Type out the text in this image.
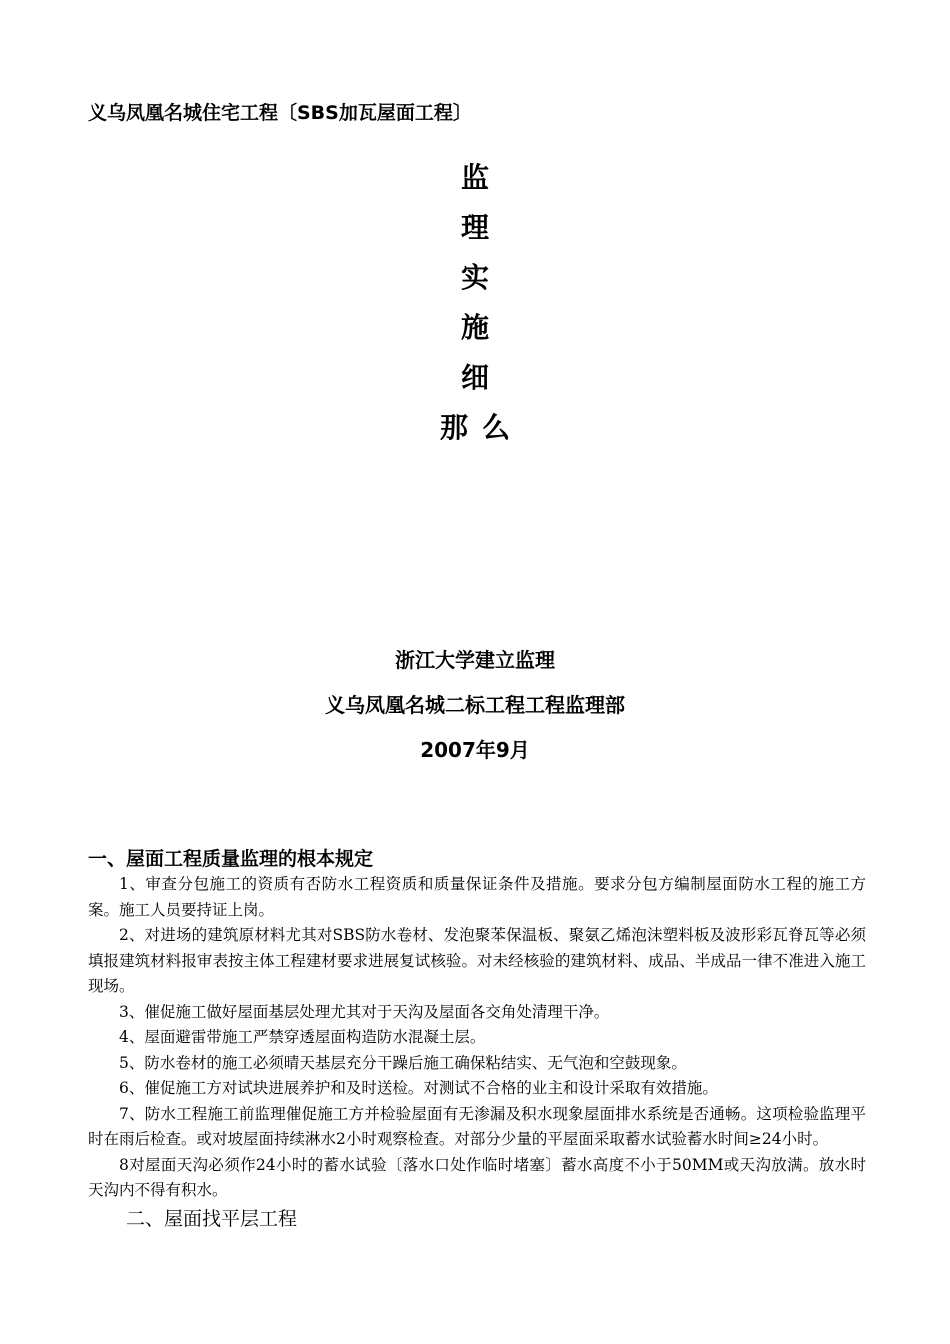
义乌凤凰名城住宅工程〔SBS加瓦屋面工程〕
监
理
实
施
细
那么
浙江大学建立监理
义乌凤凰名城二标工程工程监理部
2007年9月

一、屋面工程质量监理的根本规定

1、审查分包施工的资质有否防水工程资质和质量保证条件及措施。要求分包方编制屋面防水工程的施工方案。施工人员要持证上岗。

2、对进场的建筑原材料尤其对SBS防水卷材、发泡聚苯保温板、聚氨乙烯泡沫塑料板及波形彩瓦脊瓦等必须填报建筑材料报审表按主体工程建材要求进展复试核验。对未经核验的建筑材料、成品、半成品一律不准进入施工现场。

3、催促施工做好屋面基层处理尤其对于天沟及屋面各交角处清理干净。

4、屋面避雷带施工严禁穿透屋面构造防水混凝土层。

5、防水卷材的施工必须晴天基层充分干躁后施工确保粘结实、无气泡和空鼓现象。

6、催促施工方对试块进展养护和及时送检。对测试不合格的业主和设计采取有效措施。

7、防水工程施工前监理催促施工方并检验屋面有无渗漏及积水现象屋面排水系统是否通畅。这项检验监理平时在雨后检查。或对坡屋面持续淋水2小时观察检查。对部分少量的平屋面采取蓄水试验蓄水时间≥24小时。

8对屋面天沟必须作24小时的蓄水试验〔落水口处作临时堵塞〕蓄水高度不小于50MM或天沟放满。放水时天沟内不得有积水。

二、屋面找平层工程
